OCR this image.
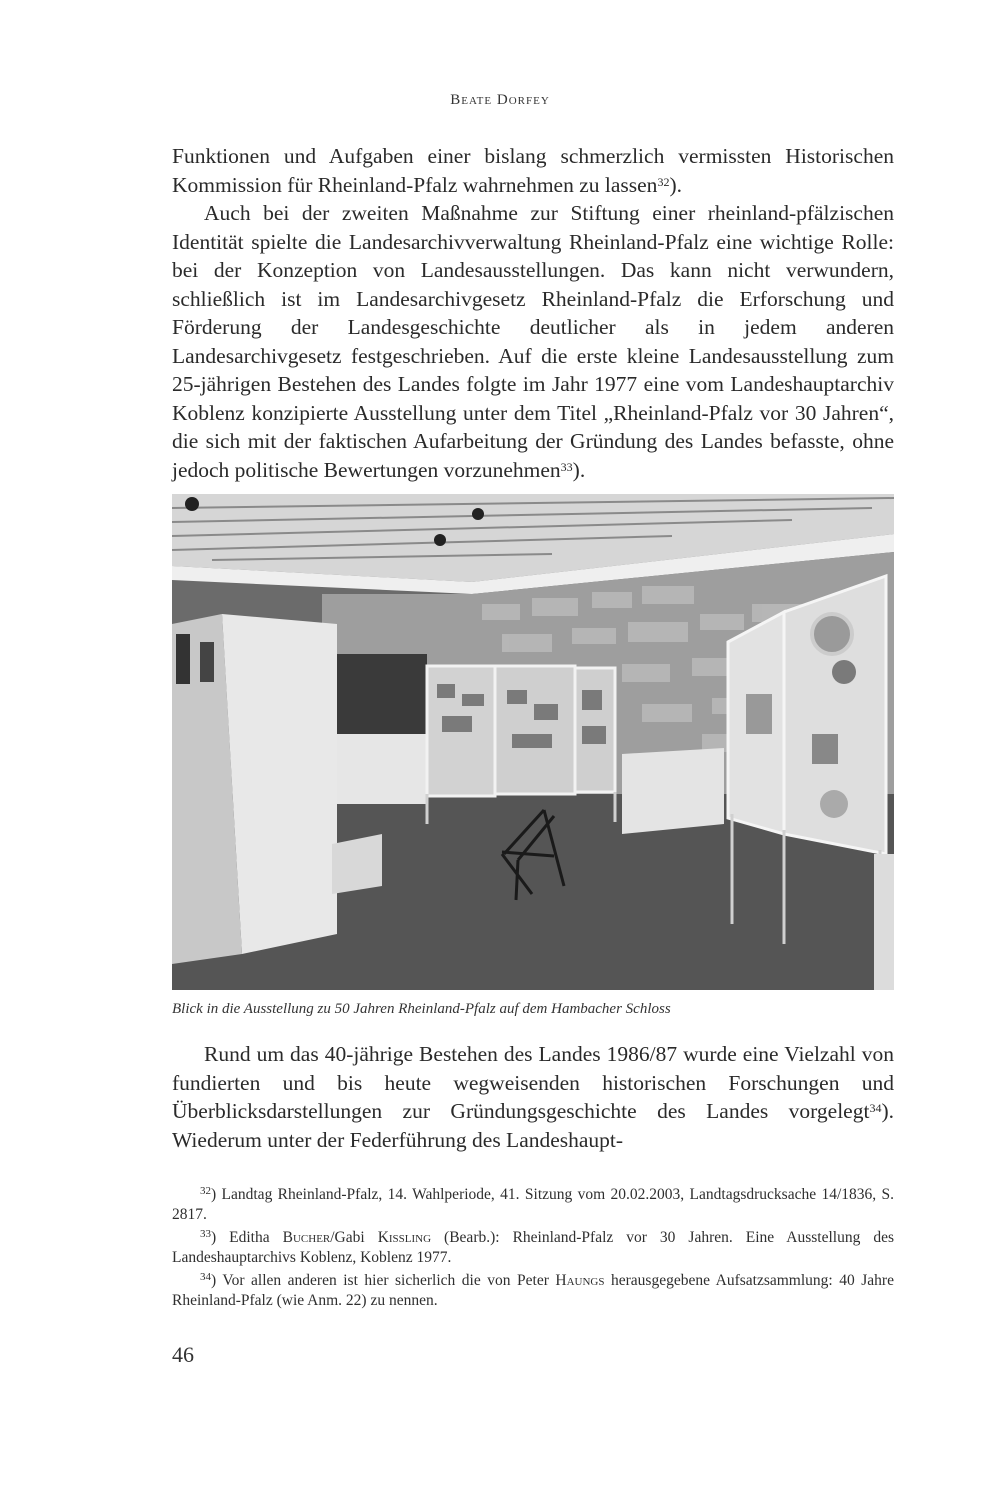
Beate Dorfey

Funktionen und Aufgaben einer bislang schmerzlich vermissten Historischen Kommission für Rheinland-Pfalz wahrnehmen zu lassen$^{32}$).

Auch bei der zweiten Maßnahme zur Stiftung einer rheinland-pfälzischen Identität spielte die Landesarchivverwaltung Rheinland-Pfalz eine wichtige Rolle: bei der Konzeption von Landesausstellungen. Das kann nicht verwundern, schließlich ist im Landesarchivgesetz Rheinland-Pfalz die Erforschung und Förderung der Landesgeschichte deutlicher als in jedem anderen Landesarchivgesetz festgeschrieben. Auf die erste kleine Landesausstellung zum 25-jährigen Bestehen des Landes folgte im Jahr 1977 eine vom Landeshauptarchiv Koblenz konzipierte Ausstellung unter dem Titel „Rheinland-Pfalz vor 30 Jahren“, die sich mit der faktischen Aufarbeitung der Gründung des Landes befasste, ohne jedoch politische Bewertungen vorzunehmen$^{33}$).

Blick in die Ausstellung zu 50 Jahren Rheinland-Pfalz auf dem Hambacher Schloss

Rund um das 40-jährige Bestehen des Landes 1986/87 wurde eine Vielzahl von fundierten und bis heute wegweisenden historischen Forschungen und Überblicksdarstellungen zur Gründungsgeschichte des Landes vorgelegt$^{34}$). Wiederum unter der Federführung des Landeshaupt-

$^{32}$) Landtag Rheinland-Pfalz, 14. Wahlperiode, 41. Sitzung vom 20.02.2003, Landtagsdrucksache 14/1836, S. 2817.

$^{33}$) Editha Bucher/Gabi Kißling (Bearb.): Rheinland-Pfalz vor 30 Jahren. Eine Ausstellung des Landeshauptarchivs Koblenz, Koblenz 1977.

$^{34}$) Vor allen anderen ist hier sicherlich die von Peter Haungs herausgegebene Aufsatzsammlung: 40 Jahre Rheinland-Pfalz (wie Anm. 22) zu nennen.

46
